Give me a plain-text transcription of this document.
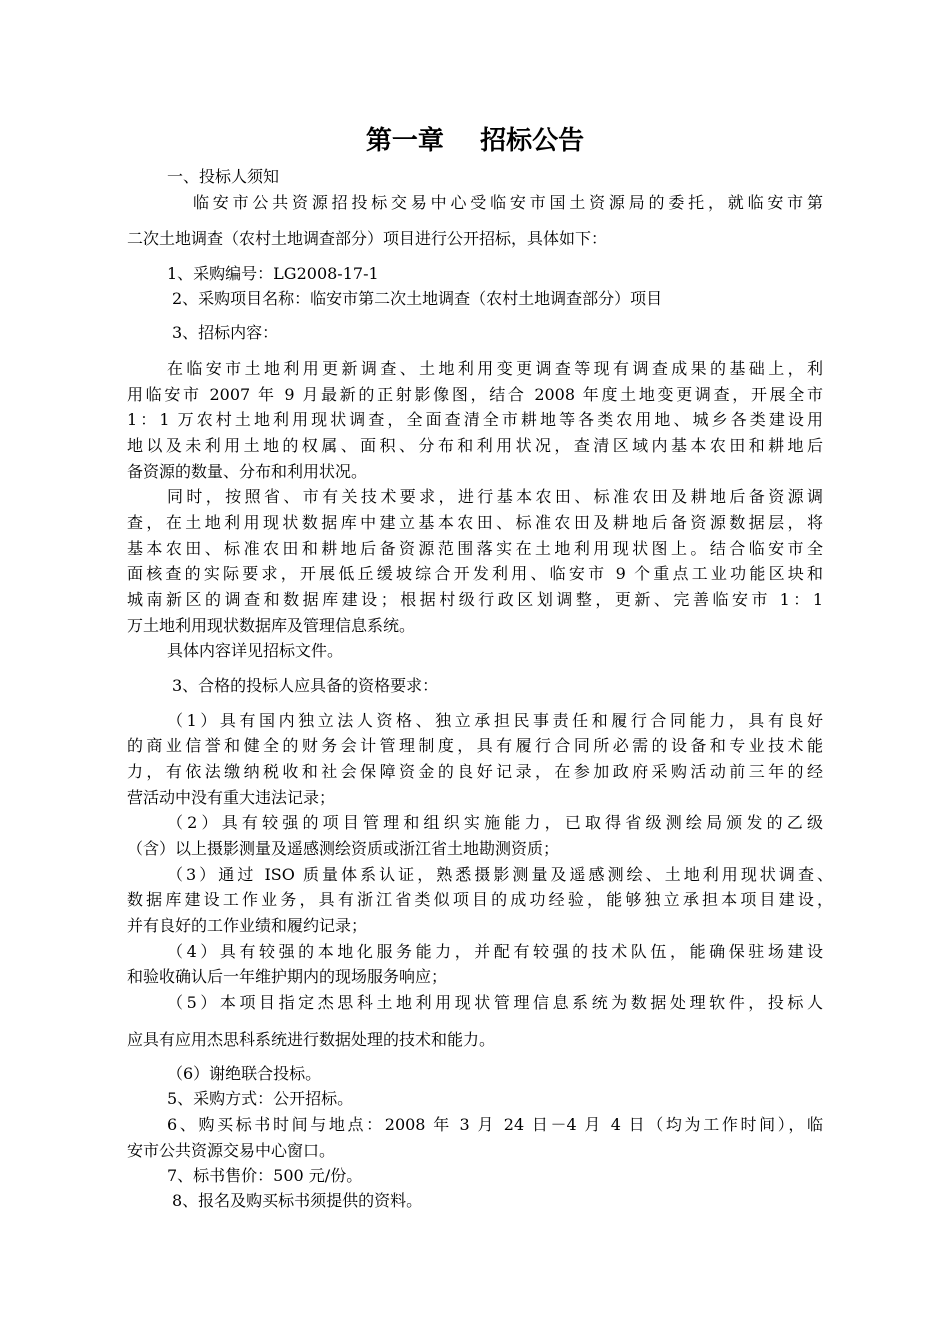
第一章    招标公告
一、投标人须知
临安市公共资源招投标交易中心受临安市国土资源局的委托，就临安市第
二次土地调查（农村土地调查部分）项目进行公开招标，具体如下：
1、采购编号：LG2008-17-1
2、采购项目名称：临安市第二次土地调查（农村土地调查部分）项目
3、招标内容：
在临安市土地利用更新调查、土地利用变更调查等现有调查成果的基础上，利
用临安市 2007 年 9 月最新的正射影像图，结合 2008 年度土地变更调查，开展全市
1：1 万农村土地利用现状调查，全面查清全市耕地等各类农用地、城乡各类建设用
地以及未利用土地的权属、面积、分布和利用状况，查清区域内基本农田和耕地后
备资源的数量、分布和利用状况。
同时，按照省、市有关技术要求，进行基本农田、标准农田及耕地后备资源调
查，在土地利用现状数据库中建立基本农田、标准农田及耕地后备资源数据层，将
基本农田、标准农田和耕地后备资源范围落实在土地利用现状图上。结合临安市全
面核查的实际要求，开展低丘缓坡综合开发利用、临安市 9 个重点工业功能区块和
城南新区的调查和数据库建设；根据村级行政区划调整，更新、完善临安市 1：1
万土地利用现状数据库及管理信息系统。
具体内容详见招标文件。
3、合格的投标人应具备的资格要求：
（1）具有国内独立法人资格、独立承担民事责任和履行合同能力，具有良好
的商业信誉和健全的财务会计管理制度，具有履行合同所必需的设备和专业技术能
力，有依法缴纳税收和社会保障资金的良好记录，在参加政府采购活动前三年的经
营活动中没有重大违法记录；
（2）具有较强的项目管理和组织实施能力，已取得省级测绘局颁发的乙级
（含）以上摄影测量及遥感测绘资质或浙江省土地勘测资质；
（3）通过 ISO 质量体系认证，熟悉摄影测量及遥感测绘、土地利用现状调查、
数据库建设工作业务，具有浙江省类似项目的成功经验，能够独立承担本项目建设，
并有良好的工作业绩和履约记录；
（4）具有较强的本地化服务能力，并配有较强的技术队伍，能确保驻场建设
和验收确认后一年维护期内的现场服务响应；
（5）本项目指定杰思科土地利用现状管理信息系统为数据处理软件，投标人
应具有应用杰思科系统进行数据处理的技术和能力。
（6）谢绝联合投标。
5、采购方式：公开招标。
6、购买标书时间与地点：2008 年 3 月 24 日－4 月 4 日（均为工作时间），临
安市公共资源交易中心窗口。
7、标书售价：500 元/份。
8、报名及购买标书须提供的资料。
